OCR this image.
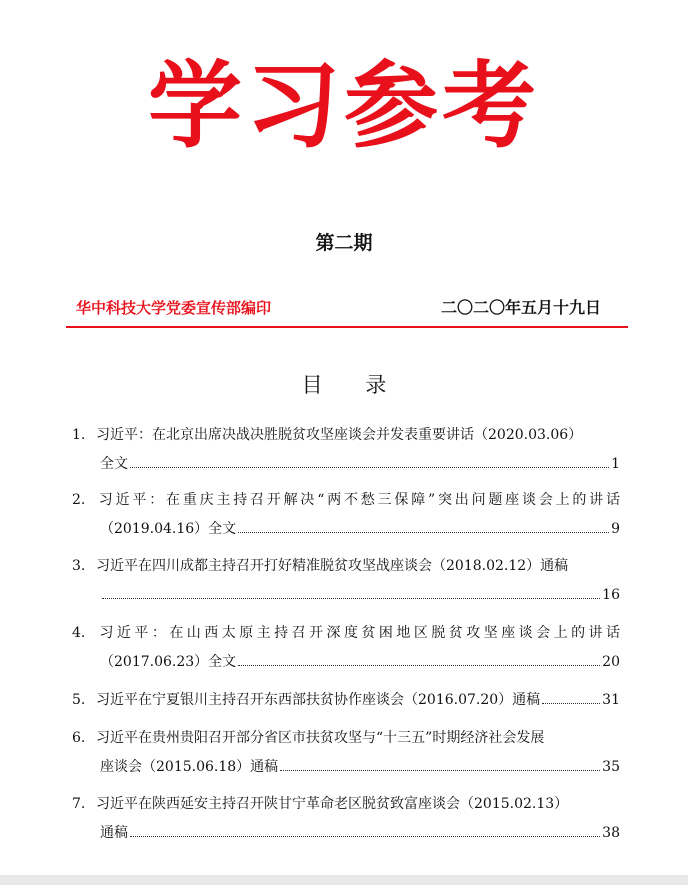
学习参考
第二期
华中科技大学党委宣传部编印	二〇二〇年五月十九日
目 录
1. 习近平：在北京出席决战决胜脱贫攻坚座谈会并发表重要讲话（2020.03.06）
全文	1
2. 习近平：在重庆主持召开解决“两不愁三保障”突出问题座谈会上的讲话
（2019.04.16）全文	9
3. 习近平在四川成都主持召开打好精准脱贫攻坚战座谈会（2018.02.12）通稿
16
4. 习近平：在山西太原主持召开深度贫困地区脱贫攻坚座谈会上的讲话
（2017.06.23）全文	20
5. 习近平在宁夏银川主持召开东西部扶贫协作座谈会（2016.07.20）通稿	31
6. 习近平在贵州贵阳召开部分省区市扶贫攻坚与“十三五”时期经济社会发展
座谈会（2015.06.18）通稿	35
7. 习近平在陕西延安主持召开陕甘宁革命老区脱贫致富座谈会（2015.02.13）
通稿	38
